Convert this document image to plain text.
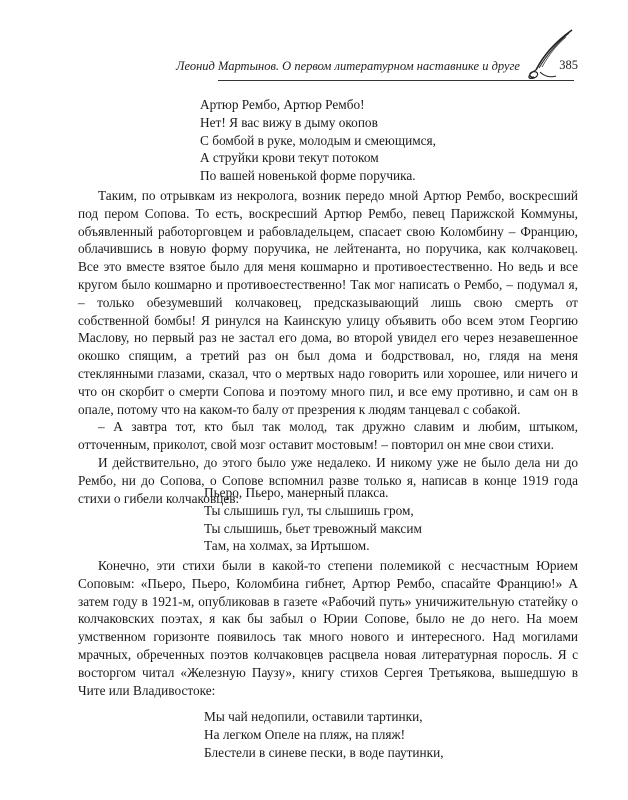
Леонид Мартынов. О первом литературном наставнике и друге	385
Артюр Рембо, Артюр Рембо!
Нет! Я вас вижу в дыму окопов
С бомбой в руке, молодым и смеющимся,
А струйки крови текут потоком
По вашей новенькой форме поручика.

Таким, по отрывкам из некролога, возник передо мной Артюр Рембо, воскресший под пером Сопова. То есть, воскресший Артюр Рембо, певец Парижской Коммуны, объявленный работорговцем и рабовладельцем, спасает свою Коломбину – Францию, облачившись в новую форму поручика, не лейтенанта, но поручика, как колчаковец. Все это вместе взятое было для меня кошмарно и противоестественно. Но ведь и все кругом было кошмарно и противоестественно! Так мог написать о Рембо, – подумал я, – только обезумевший колчаковец, предсказывающий лишь свою смерть от собственной бомбы! Я ринулся на Каинскую улицу объявить обо всем этом Георгию Маслову, но первый раз не застал его дома, во второй увидел его через незавешенное окошко спящим, а третий раз он был дома и бодрствовал, но, глядя на меня стеклянными глазами, сказал, что о мертвых надо говорить или хорошее, или ничего и что он скорбит о смерти Сопова и поэтому много пил, и все ему противно, и сам он в опале, потому что на каком-то балу от презрения к людям танцевал с собакой.

– А завтра тот, кто был так молод, так дружно славим и любим, штыком, отточенным, приколот, свой мозг оставит мостовым! – повторил он мне свои стихи.

И действительно, до этого было уже недалеко. И никому уже не было дела ни до Рембо, ни до Сопова, о Сопове вспомнил разве только я, написав в конце 1919 года стихи о гибели колчаковцев:

Пьеро, Пьеро, манерный плакса.
Ты слышишь гул, ты слышишь гром,
Ты слышишь, бьет тревожный максим
Там, на холмах, за Иртышом.

Конечно, эти стихи были в какой-то степени полемикой с несчастным Юрием Соповым: «Пьеро, Пьеро, Коломбина гибнет, Артюр Рембо, спасайте Францию!» А затем году в 1921-м, опубликовав в газете «Рабочий путь» уничижительную статейку о колчаковских поэтах, я как бы забыл о Юрии Сопове, было не до него. На моем умственном горизонте появилось так много нового и интересного. Над могилами мрачных, обреченных поэтов колчаковцев расцвела новая литературная поросль. Я с восторгом читал «Железную Паузу», книгу стихов Сергея Третьякова, вышедшую в Чите или Владивостоке:

Мы чай недопили, оставили тартинки,
На легком Опеле на пляж, на пляж!
Блестели в синеве пески, в воде паутинки,
